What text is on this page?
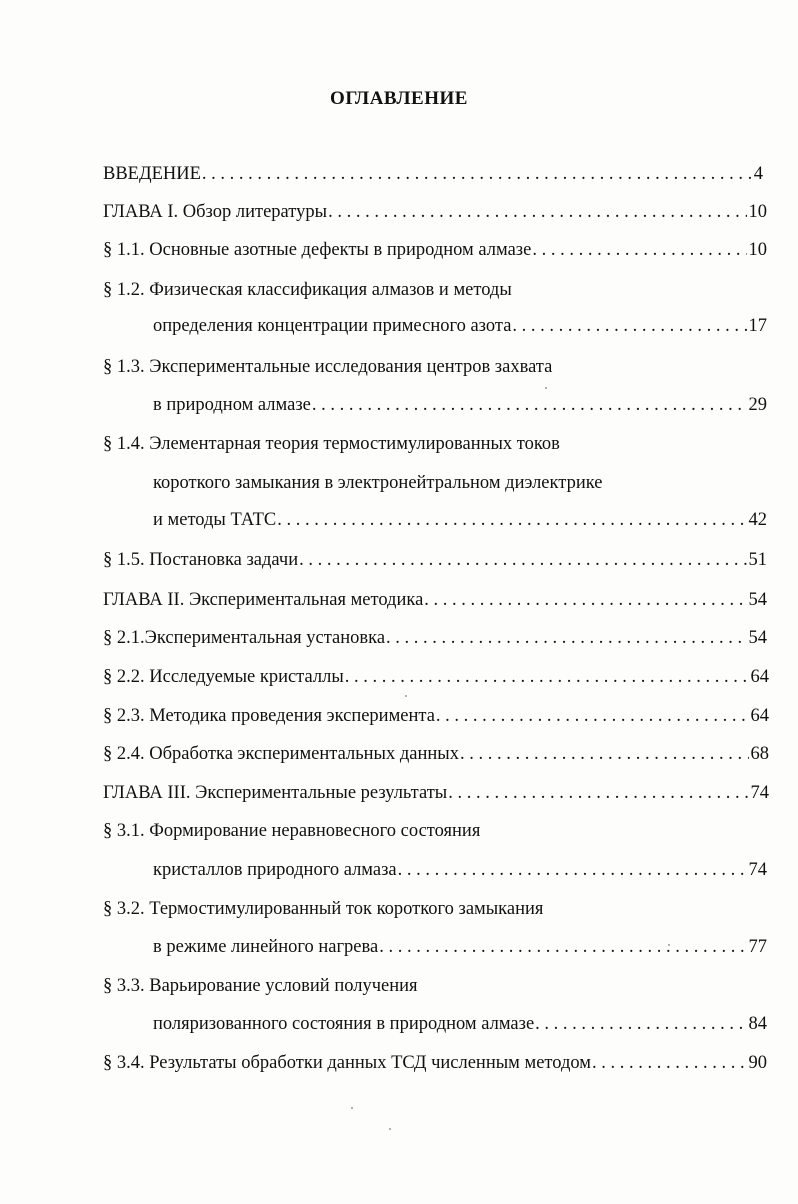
ОГЛАВЛЕНИЕ
ВВЕДЕНИЕ . . .	4
ГЛАВА I. Обзор литературы . . .	10
§ 1.1. Основные азотные дефекты в природном алмазе . . .	10
§ 1.2. Физическая классификация алмазов и методы
определения концентрации примесного азота . . .	17
§ 1.3. Экспериментальные исследования центров захвата
в природном алмазе . . .	29
§ 1.4. Элементарная теория термостимулированных токов
короткого замыкания в электронейтральном диэлектрике
и методы ТАТС . . .	42
§ 1.5. Постановка задачи . . .	51
ГЛАВА II. Экспериментальная методика . . .	54
§ 2.1.Экспериментальная установка . . .	54
§ 2.2. Исследуемые кристаллы . . .	64
§ 2.3. Методика проведения эксперимента . . .	64
§ 2.4. Обработка экспериментальных данных . . .	68
ГЛАВА III. Экспериментальные результаты . . .	74
§ 3.1. Формирование неравновесного состояния
кристаллов природного алмаза . . .	74
§ 3.2. Термостимулированный ток короткого замыкания
в режиме линейного нагрева . . .	77
§ 3.3. Варьирование условий получения
поляризованного состояния в природном алмазе . . .	84
§ 3.4. Результаты обработки данных ТСД численным методом . . .	90
